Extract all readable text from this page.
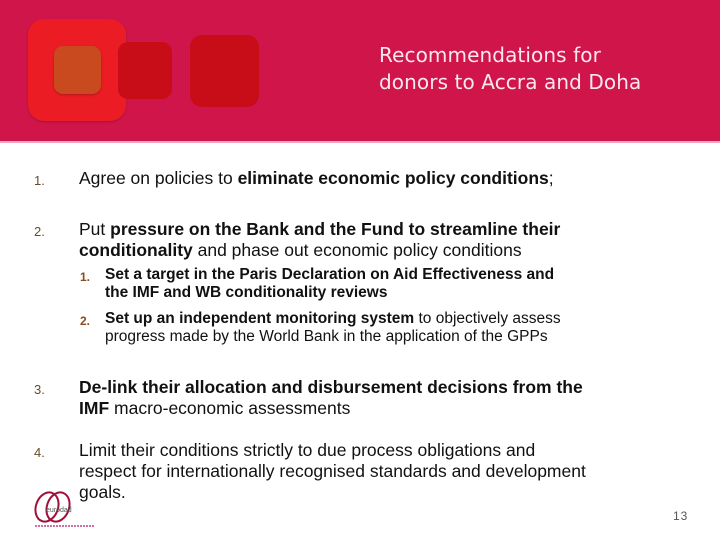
Recommendations for
donors to Accra and Doha
1. Agree on policies to eliminate economic policy conditions;
2. Put pressure on the Bank and the Fund to streamline their
conditionality and phase out economic policy conditions
1. Set a target in the Paris Declaration on Aid Effectiveness and
the IMF and WB conditionality reviews
2. Set up an independent monitoring system to objectively assess
progress made by the World Bank in the application of the GPPs
3. De-link their allocation and disbursement decisions from the
IMF macro-economic assessments
4. Limit their conditions strictly to due process obligations and
respect for internationally recognised standards and development
goals.
eurodad	13
